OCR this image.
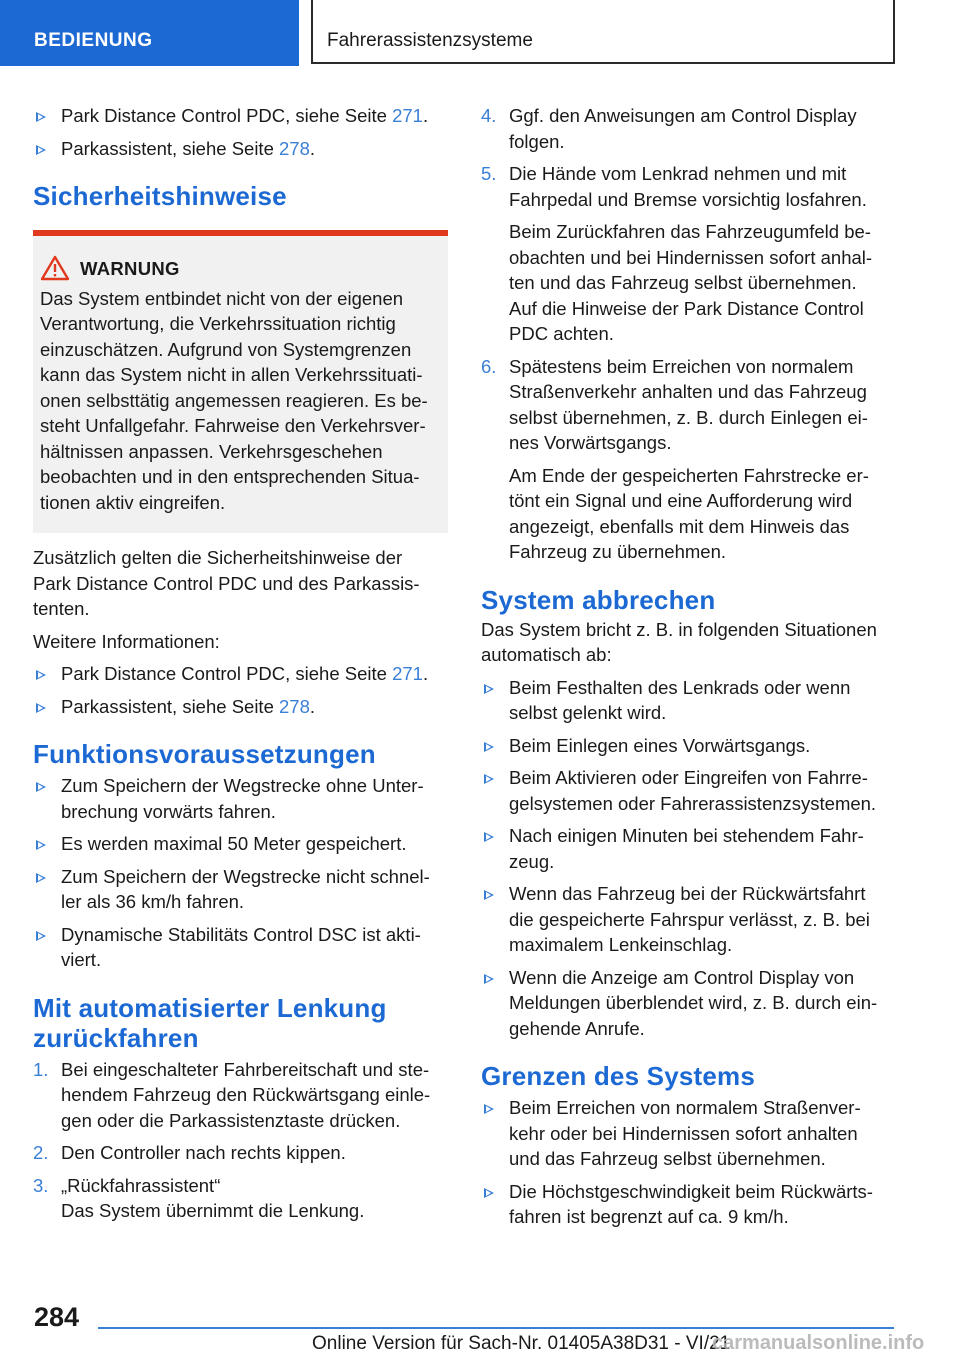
BEDIENUNG	Fahrerassistenzsysteme
Park Distance Control PDC, siehe Seite 271.
Parkassistent, siehe Seite 278.
Sicherheitshinweise
WARNUNG
Das System entbindet nicht von der eigenen
Verantwortung, die Verkehrssituation richtig
einzuschätzen. Aufgrund von Systemgrenzen
kann das System nicht in allen Verkehrssituati-
onen selbsttätig angemessen reagieren. Es be-
steht Unfallgefahr. Fahrweise den Verkehrsver-
hältnissen anpassen. Verkehrsgeschehen
beobachten und in den entsprechenden Situa-
tionen aktiv eingreifen.

Zusätzlich gelten die Sicherheitshinweise der
Park Distance Control PDC und des Parkassis-
tenten.

Weitere Informationen:

Park Distance Control PDC, siehe Seite 271.
Parkassistent, siehe Seite 278.
Funktionsvoraussetzungen
Zum Speichern der Wegstrecke ohne Unter-
brechung vorwärts fahren.
Es werden maximal 50 Meter gespeichert.
Zum Speichern der Wegstrecke nicht schnel-
ler als 36 km/h fahren.
Dynamische Stabilitäts Control DSC ist akti-
viert.
Mit automatisierter Lenkung
zurückfahren
1. Bei eingeschalteter Fahrbereitschaft und ste-
hendem Fahrzeug den Rückwärtsgang einle-
gen oder die Parkassistenztaste drücken.
2. Den Controller nach rechts kippen.
3. „Rückfahrassistent“
Das System übernimmt die Lenkung.
4. Ggf. den Anweisungen am Control Display
folgen.
5. Die Hände vom Lenkrad nehmen und mit
Fahrpedal und Bremse vorsichtig losfahren.
Beim Zurückfahren das Fahrzeugumfeld be-
obachten und bei Hindernissen sofort anhal-
ten und das Fahrzeug selbst übernehmen.
Auf die Hinweise der Park Distance Control
PDC achten.
6. Spätestens beim Erreichen von normalem
Straßenverkehr anhalten und das Fahrzeug
selbst übernehmen, z. B. durch Einlegen ei-
nes Vorwärtsgangs.
Am Ende der gespeicherten Fahrstrecke er-
tönt ein Signal und eine Aufforderung wird
angezeigt, ebenfalls mit dem Hinweis das
Fahrzeug zu übernehmen.
System abbrechen

Das System bricht z. B. in folgenden Situationen
automatisch ab:

Beim Festhalten des Lenkrads oder wenn
selbst gelenkt wird.
Beim Einlegen eines Vorwärtsgangs.
Beim Aktivieren oder Eingreifen von Fahrre-
gelsystemen oder Fahrerassistenzsystemen.
Nach einigen Minuten bei stehendem Fahr-
zeug.
Wenn das Fahrzeug bei der Rückwärtsfahrt
die gespeicherte Fahrspur verlässt, z. B. bei
maximalem Lenkeinschlag.
Wenn die Anzeige am Control Display von
Meldungen überblendet wird, z. B. durch ein-
gehende Anrufe.
Grenzen des Systems
Beim Erreichen von normalem Straßenver-
kehr oder bei Hindernissen sofort anhalten
und das Fahrzeug selbst übernehmen.
Die Höchstgeschwindigkeit beim Rückwärts-
fahren ist begrenzt auf ca. 9 km/h.
284
Online Version für Sach-Nr. 01405A38D31 - VI/21
carmanualsonline.info
